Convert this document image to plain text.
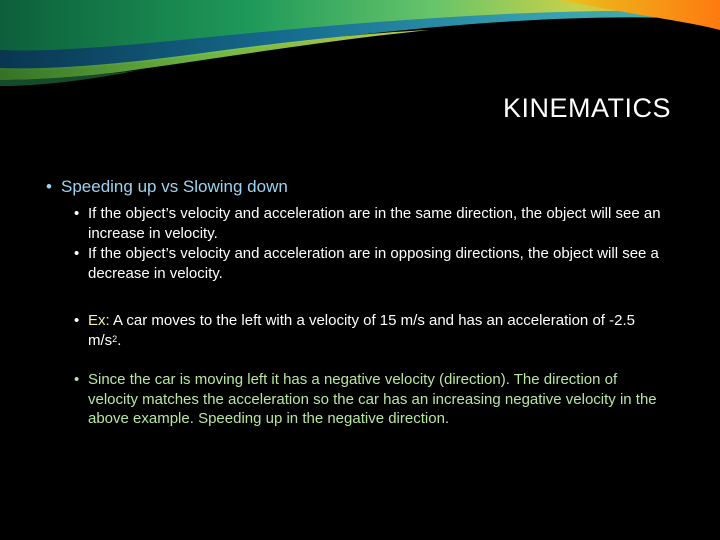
KINEMATICS
• Speeding up vs Slowing down
• If the object’s velocity and acceleration are in the same direction, the object will see an increase in velocity.
• If the object’s velocity and acceleration are in opposing directions, the object will see a decrease in velocity.
• Ex: A car moves to the left with a velocity of 15 m/s and has an acceleration of -2.5 $m/s^2$.
• Since the car is moving left it has a negative velocity (direction). The direction of velocity matches the acceleration so the car has an increasing negative velocity in the above example. Speeding up in the negative direction.
